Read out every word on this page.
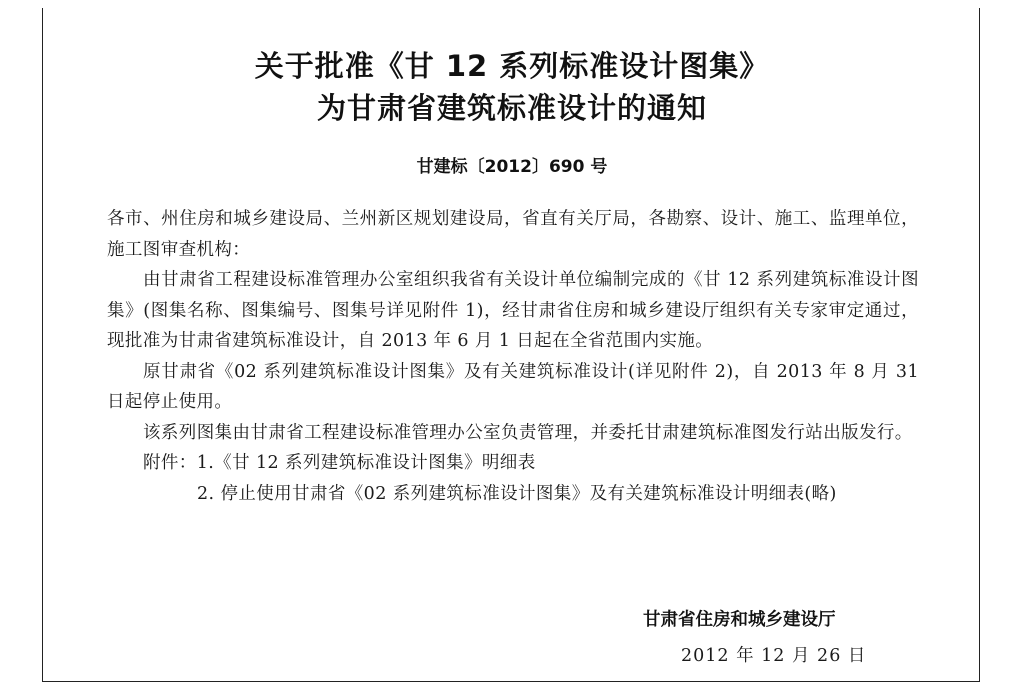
关于批准《甘 12 系列标准设计图集》
为甘肃省建筑标准设计的通知
甘建标〔2012〕690 号

各市、州住房和城乡建设局、兰州新区规划建设局，省直有关厅局，各勘察、设计、施工、监理单位，施工图审查机构：

由甘肃省工程建设标准管理办公室组织我省有关设计单位编制完成的《甘 12 系列建筑标准设计图集》(图集名称、图集编号、图集号详见附件 1)，经甘肃省住房和城乡建设厅组织有关专家审定通过，现批准为甘肃省建筑标准设计，自 2013 年 6 月 1 日起在全省范围内实施。

原甘肃省《02 系列建筑标准设计图集》及有关建筑标准设计(详见附件 2)，自 2013 年 8 月 31 日起停止使用。

该系列图集由甘肃省工程建设标准管理办公室负责管理，并委托甘肃建筑标准图发行站出版发行。

附件：1.《甘 12 系列建筑标准设计图集》明细表

2. 停止使用甘肃省《02 系列建筑标准设计图集》及有关建筑标准设计明细表(略)

甘肃省住房和城乡建设厅
2012 年 12 月 26 日
